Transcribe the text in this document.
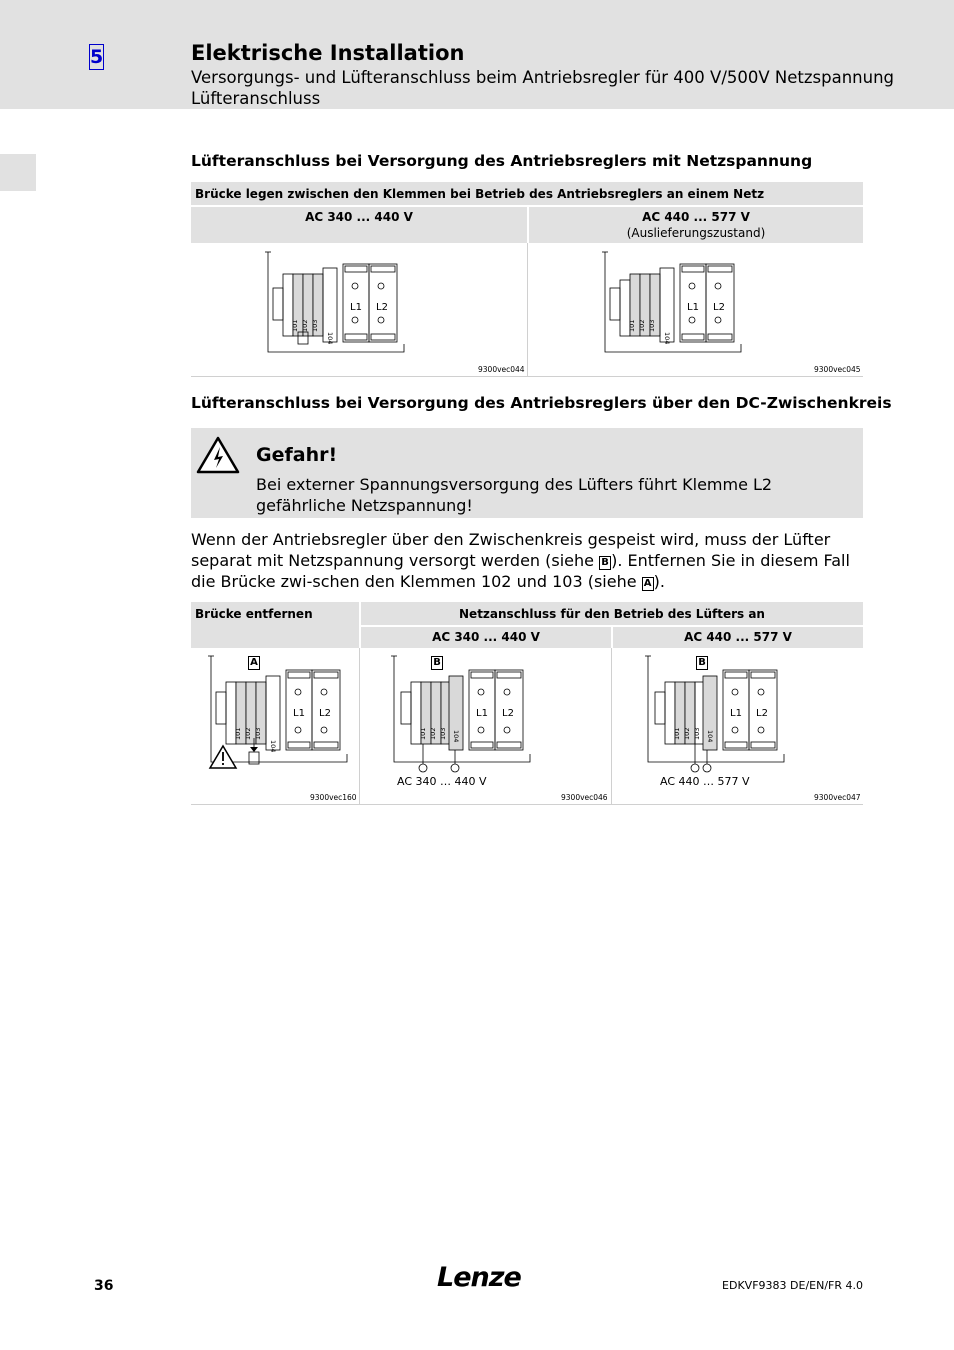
5	Elektrische Installation
Versorgungs- und Lüfteranschluss beim Antriebsregler für 400 V/500V Netzspannung
Lüfteranschluss
Lüfteranschluss bei Versorgung des Antriebsreglers mit Netzspannung
Brücke legen zwischen den Klemmen bei Betrieb des Antriebsreglers an einem Netz
AC 340 ... 440 V	AC 440 ... 577 V
(Auslieferungszustand)
L1 L2
101 102 103
104
9300vec044
L1 L2
101 102 103
104
9300vec045
Lüfteranschluss bei Versorgung des Antriebsreglers über den DC-Zwischenkreis
Gefahr!
Bei externer Spannungsversorgung des Lüfters führt Klemme L2 gefährliche Netzspannung!
Wenn der Antriebsregler über den Zwischenkreis gespeist wird, muss der Lüfter separat mit Netzspannung versorgt werden (siehe B ). Entfernen Sie in diesem Fall die Brücke zwi-schen den Klemmen 102 und 103 (siehe A ).
Brücke entfernen	Netzanschluss für den Betrieb des Lüfters an
AC 340 ... 440 V	AC 440 ... 577 V
L1 L2
101 102 103
104
A
9300vec160
L1 L2
101 102 103 104
B
AC 340 … 440 V
9300vec046
L1 L2
101 102 103 104
B
AC 440 … 577 V
9300vec047
36	Lenze	EDKVF9383 DE/EN/FR 4.0
